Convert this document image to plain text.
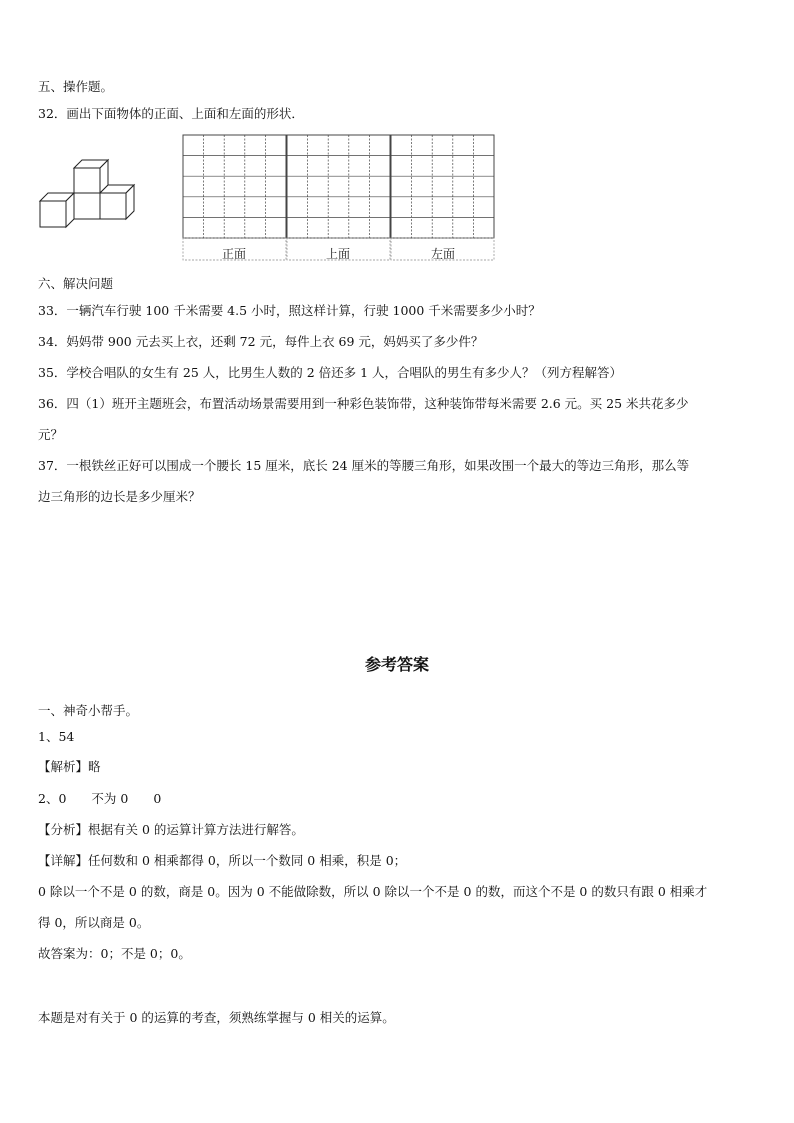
五、操作题。
32．画出下面物体的正面、上面和左面的形状．
正面	上面	左面
六、解决问题
33．一辆汽车行驶 100 千米需要 4.5 小时，照这样计算，行驶 1000 千米需要多少小时？
34．妈妈带 900 元去买上衣，还剩 72 元，每件上衣 69 元，妈妈买了多少件？
35．学校合唱队的女生有 25 人，比男生人数的 2 倍还多 1 人，合唱队的男生有多少人？（列方程解答）
36．四（1）班开主题班会，布置活动场景需要用到一种彩色装饰带，这种装饰带每米需要 2.6 元。买 25 米共花多少
元？
37．一根铁丝正好可以围成一个腰长 15 厘米，底长 24 厘米的等腰三角形，如果改围一个最大的等边三角形，那么等
边三角形的边长是多少厘米？
参考答案
一、神奇小帮手。
1、54
【解析】略
2、0　　不为 0　　0
【分析】根据有关 0 的运算计算方法进行解答。
【详解】任何数和 0 相乘都得 0，所以一个数同 0 相乘，积是 0；
0 除以一个不是 0 的数，商是 0。因为 0 不能做除数，所以 0 除以一个不是 0 的数，而这个不是 0 的数只有跟 0 相乘才
得 0，所以商是 0。
故答案为：0；不是 0；0。
本题是对有关于 0 的运算的考查，须熟练掌握与 0 相关的运算。
